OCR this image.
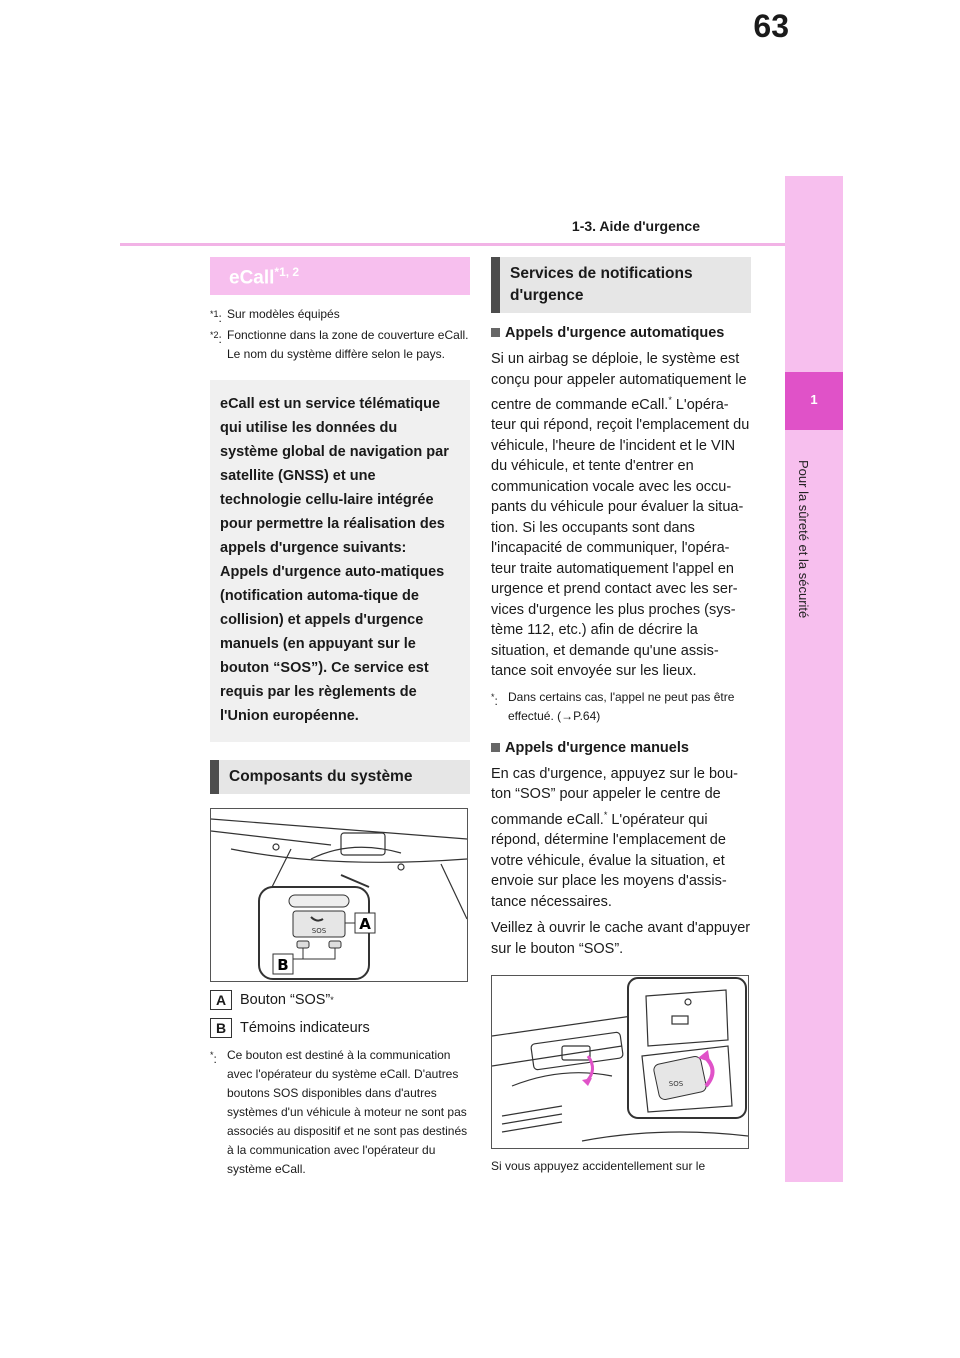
63
1-3. Aide d'urgence
1
Pour la sûreté et la sécurité
eCall$^{*1, 2}$
$^{*1}$: Sur modèles équipés
$^{*2}$: Fonctionne dans la zone de couverture eCall. Le nom du système diffère selon le pays.
eCall est un service télématique qui utilise les données du système global de navigation par satellite (GNSS) et une technologie cellu-laire intégrée pour permettre la réalisation des appels d'urgence suivants: Appels d'urgence auto-matiques (notification automa-tique de collision) et appels d'urgence manuels (en appuyant sur le bouton “SOS”). Ce service est requis par les règlements de l'Union européenne.
Composants du système
SOS A
B
A Bouton “SOS” *
B Témoins indicateurs
*: Ce bouton est destiné à la communication avec l'opérateur du système eCall. D'autres boutons SOS disponibles dans d'autres systèmes d'un véhicule à moteur ne sont pas associés au dispositif et ne sont pas destinés à la communication avec l'opérateur du système eCall.
Services de notifications d'urgence
Appels d'urgence automatiques
Si un airbag se déploie, le système est conçu pour appeler automatiquement le centre de commande eCall.* L'opéra-teur qui répond, reçoit l'emplacement du véhicule, l'heure de l'incident et le VIN du véhicule, et tente d'entrer en communication vocale avec les occu-pants du véhicule pour évaluer la situa-tion. Si les occupants sont dans l'incapacité de communiquer, l'opéra-teur traite automatiquement l'appel en urgence et prend contact avec les ser-vices d'urgence les plus proches (sys-tème 112, etc.) afin de décrire la situation, et demande qu'une assis-tance soit envoyée sur les lieux.
*: Dans certains cas, l'appel ne peut pas être effectué. (→P.64)
Appels d'urgence manuels
En cas d'urgence, appuyez sur le bou-ton “SOS” pour appeler le centre de commande eCall.* L'opérateur qui répond, détermine l'emplacement de votre véhicule, évalue la situation, et envoie sur place les moyens d'assis-tance nécessaires.
Veillez à ouvrir le cache avant d'appuyer sur le bouton “SOS”.
SOS
Si vous appuyez accidentellement sur le
